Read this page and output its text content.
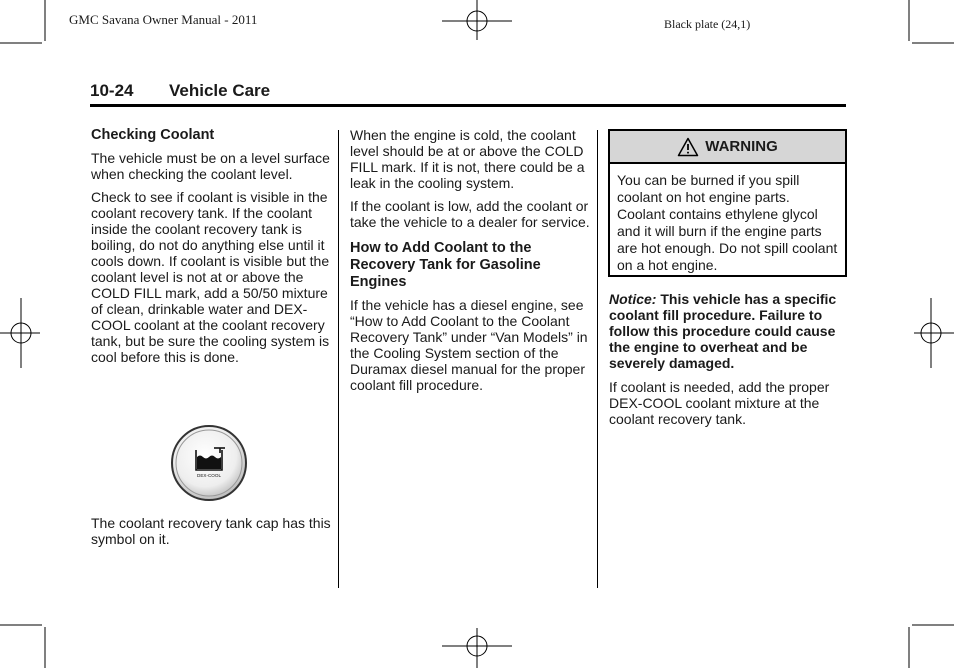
GMC Savana Owner Manual - 2011	Black plate (24,1)
10-24 Vehicle Care
Checking Coolant

The vehicle must be on a level surface when checking the coolant level.

Check to see if coolant is visible in the coolant recovery tank. If the coolant inside the coolant recovery tank is boiling, do not do anything else until it cools down. If coolant is visible but the coolant level is not at or above the COLD FILL mark, add a 50/50 mixture of clean, drinkable water and DEX-COOL coolant at the coolant recovery tank, but be sure the cooling system is cool before this is done.

DEX-COOL
The coolant recovery tank cap has this symbol on it.

When the engine is cold, the coolant level should be at or above the COLD FILL mark. If it is not, there could be a leak in the cooling system.

If the coolant is low, add the coolant or take the vehicle to a dealer for service.

How to Add Coolant to the Recovery Tank for Gasoline Engines

If the vehicle has a diesel engine, see “How to Add Coolant to the Coolant Recovery Tank” under “Van Models” in the Cooling System section of the Duramax diesel manual for the proper coolant fill procedure.

WARNING
You can be burned if you spill coolant on hot engine parts. Coolant contains ethylene glycol and it will burn if the engine parts are hot enough. Do not spill coolant on a hot engine.

Notice: This vehicle has a specific coolant fill procedure. Failure to follow this procedure could cause the engine to overheat and be severely damaged.

If coolant is needed, add the proper DEX-COOL coolant mixture at the coolant recovery tank.
